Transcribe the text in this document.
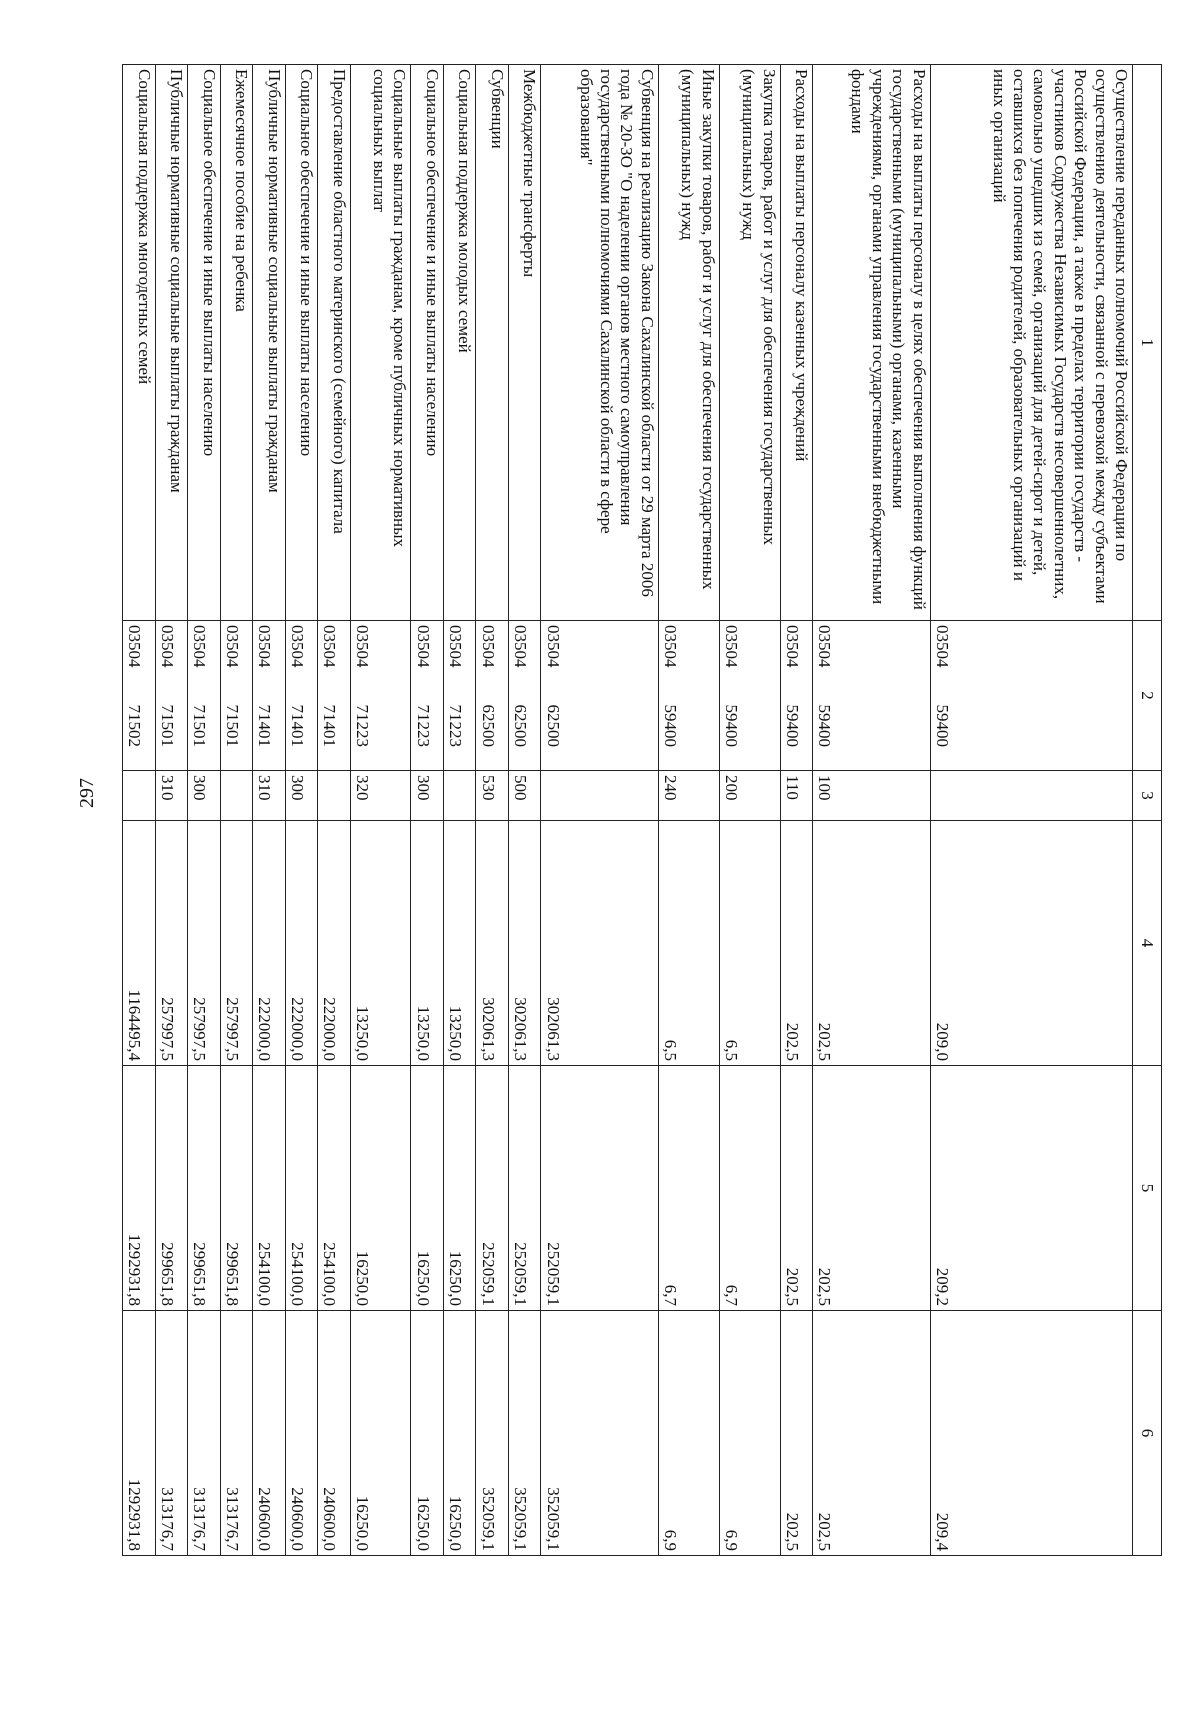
297
1	2		3	4	5	6
Осуществление переданных полномочий Российской Федерации по осуществлению деятельности, связанной с перевозкой между субъектами Российской Федерации, а также в пределах территории государств - участников Содружества Независимых Государств несовершеннолетних, самовольно ушедших из семей, организаций для детей-сирот и детей, оставшихся без попечения родителей, образовательных организаций и иных организаций	03504	59400		209,0	209,2	209,4
Расходы на выплаты персоналу в целях обеспечения выполнения функций государственными (муниципальными) органами, казенными учреждениями, органами управления государственными внебюджетными фондами	03504	59400	100	202,5	202,5	202,5
Расходы на выплаты персоналу казенных учреждений	03504	59400	110	202,5	202,5	202,5
Закупка товаров, работ и услуг для обеспечения государственных (муниципальных) нужд	03504	59400	200	6,5	6,7	6,9
Иные закупки товаров, работ и услуг для обеспечения государственных (муниципальных) нужд	03504	59400	240	6,5	6,7	6,9
Субвенция на реализацию Закона Сахалинской области от 29 марта 2006 года № 20-ЗО "О наделении органов местного самоуправления государственными полномочиями Сахалинской области в сфере образования"	03504	62500		302061,3	252059,1	352059,1
Межбюджетные трансферты	03504	62500	500	302061,3	252059,1	352059,1
Субвенции	03504	62500	530	302061,3	252059,1	352059,1
Социальная поддержка молодых семей	03504	71223		13250,0	16250,0	16250,0
Социальное обеспечение и иные выплаты населению	03504	71223	300	13250,0	16250,0	16250,0
Социальные выплаты гражданам, кроме публичных нормативных социальных выплат	03504	71223	320	13250,0	16250,0	16250,0
Предоставление областного материнского (семейного) капитала	03504	71401		222000,0	254100,0	240600,0
Социальное обеспечение и иные выплаты населению	03504	71401	300	222000,0	254100,0	240600,0
Публичные нормативные социальные выплаты гражданам	03504	71401	310	222000,0	254100,0	240600,0
Ежемесячное пособие на ребенка	03504	71501		257997,5	299651,8	313176,7
Социальное обеспечение и иные выплаты населению	03504	71501	300	257997,5	299651,8	313176,7
Публичные нормативные социальные выплаты гражданам	03504	71501	310	257997,5	299651,8	313176,7
Социальная поддержка многодетных семей	03504	71502		1164495,4	1292931,8	1292931,8
